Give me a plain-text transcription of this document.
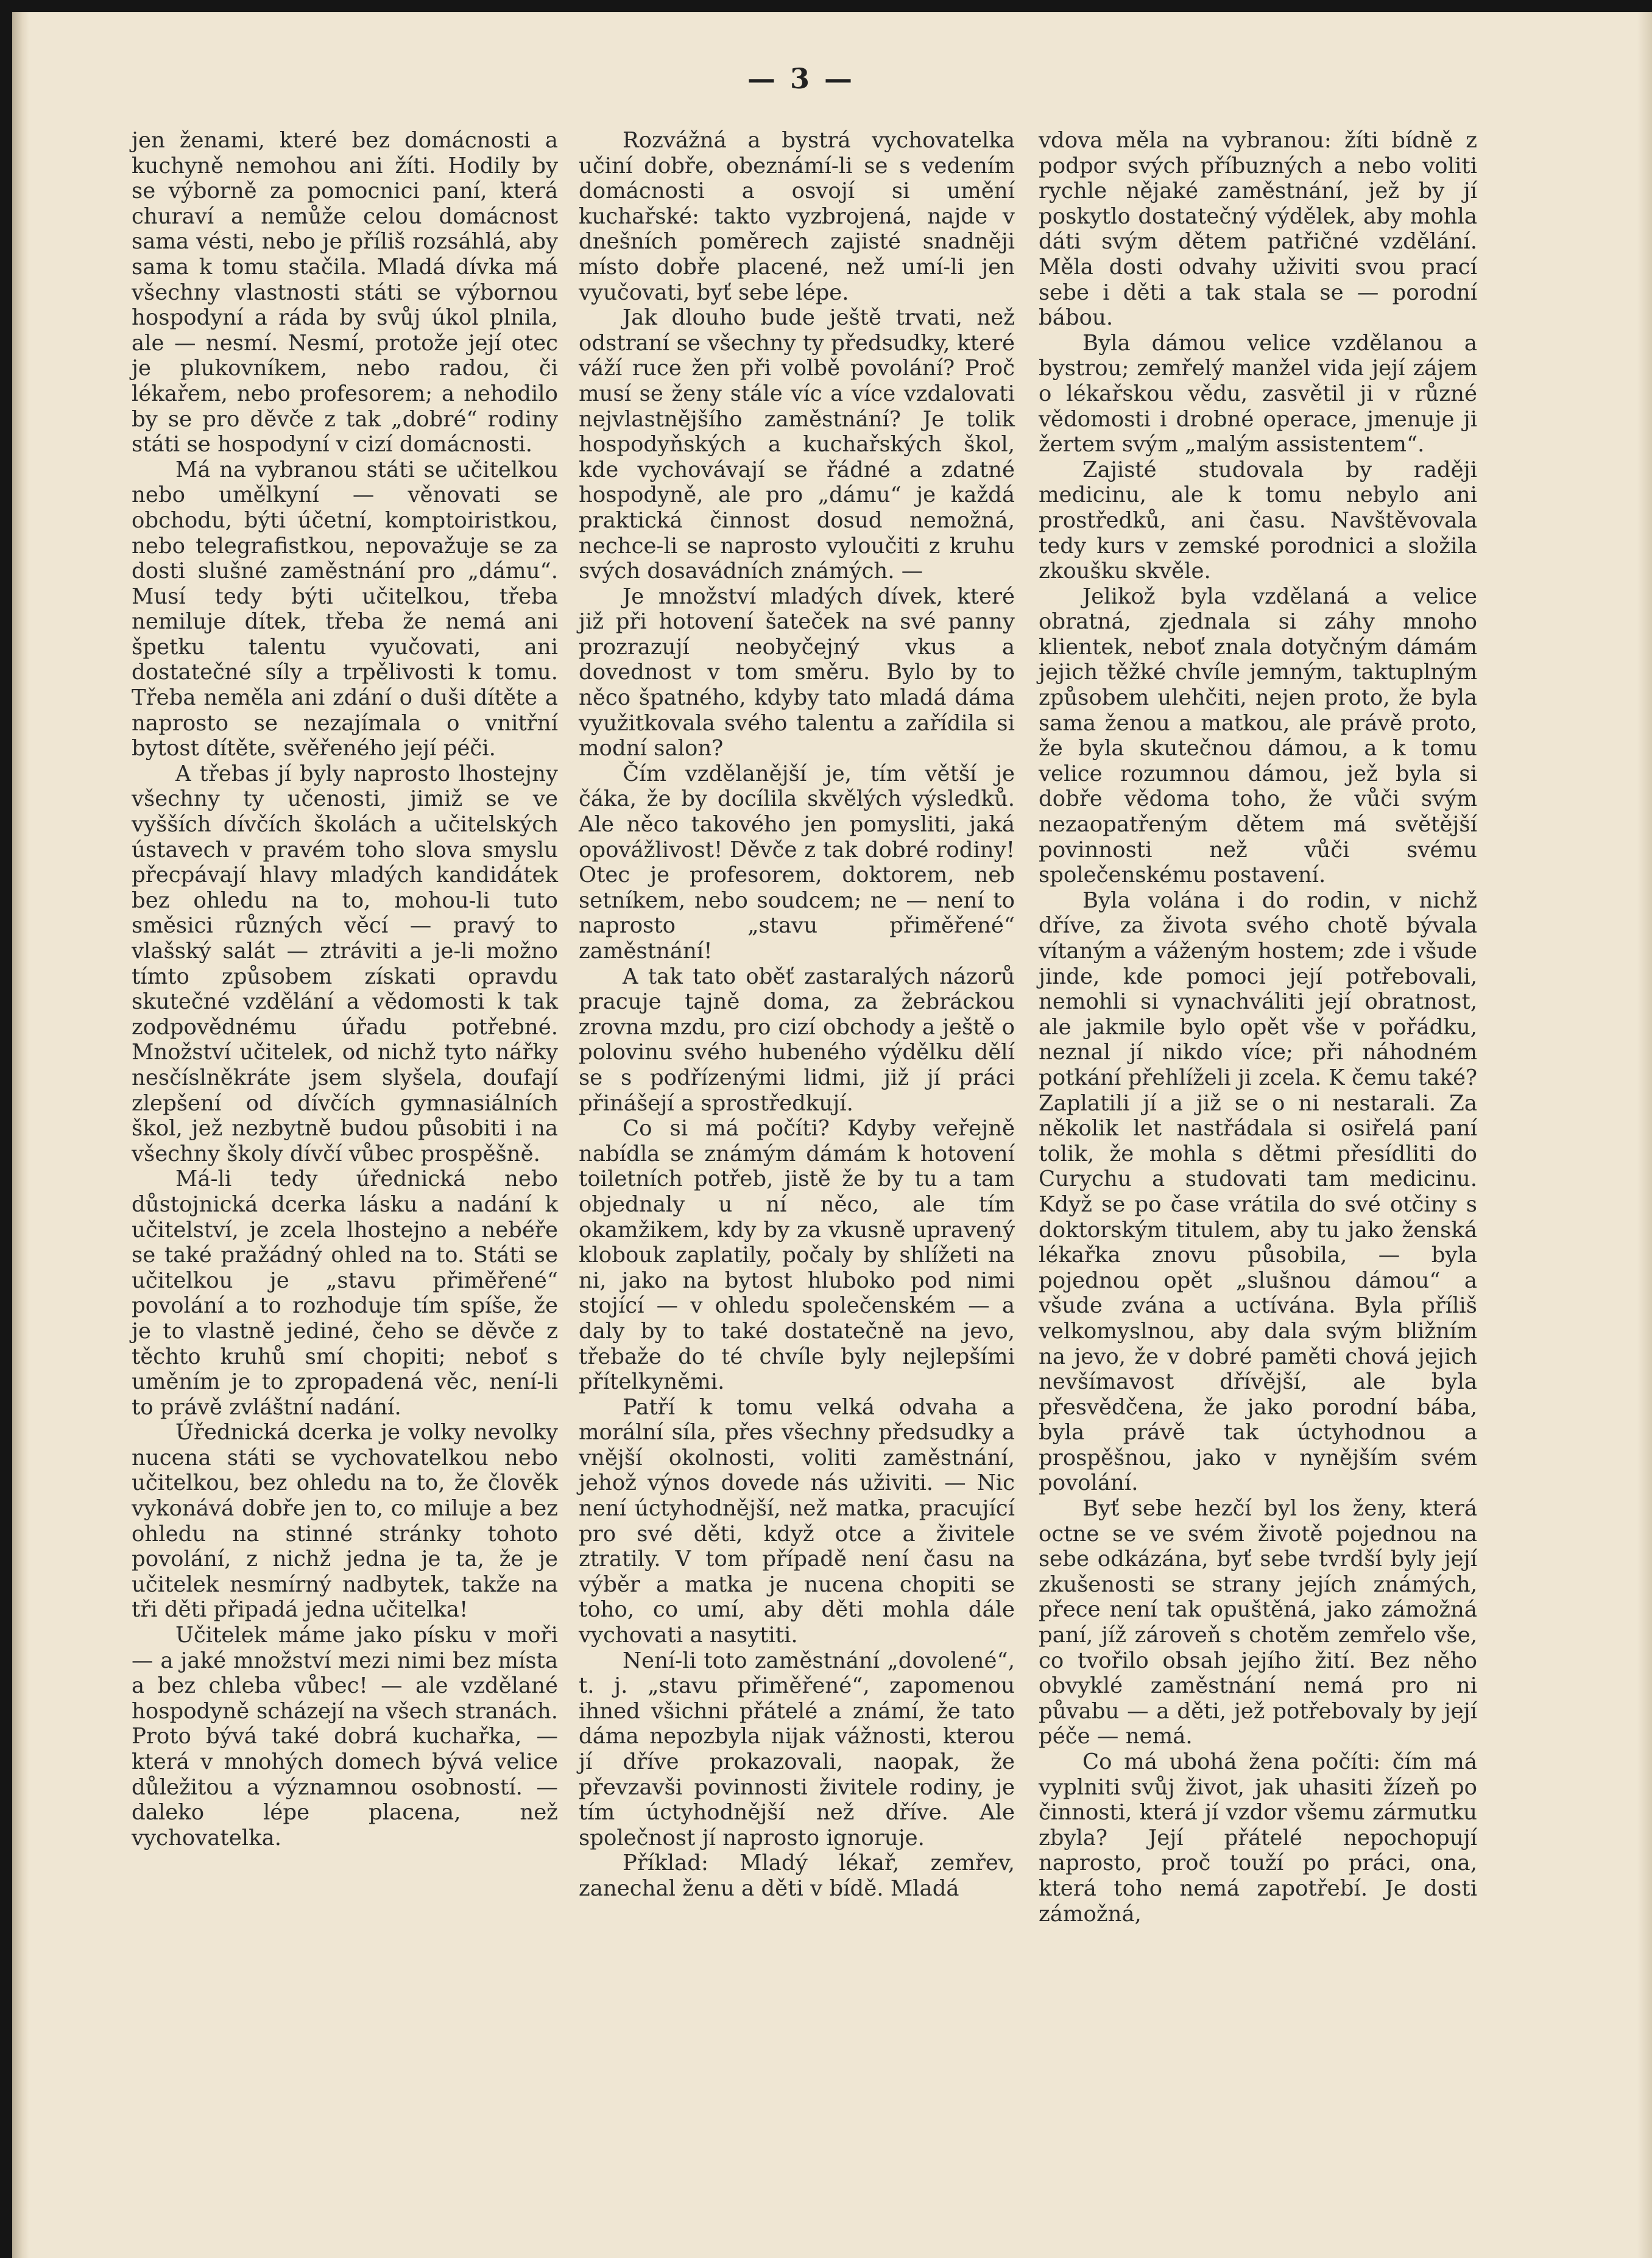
— 3 —

jen ženami, které bez domácnosti a kuchyně nemohou ani žíti. Hodily by se výborně za pomocnici paní, která churaví a nemůže celou domácnost sama vésti, nebo je příliš rozsáhlá, aby sama k tomu stačila. Mladá dívka má všechny vlastnosti státi se výbornou hospodyní a ráda by svůj úkol plnila, ale — nesmí. Nesmí, protože její otec je plukovníkem, nebo radou, či lékařem, nebo profesorem; a nehodilo by se pro děvče z tak „dobré“ rodiny státi se hospodyní v cizí domácnosti.

Má na vybranou státi se učitelkou nebo umělkyní — věnovati se obchodu, býti účetní, komptoiristkou, nebo telegrafistkou, nepovažuje se za dosti slušné zaměstnání pro „dámu“. Musí tedy býti učitelkou, třeba nemiluje dítek, třeba že nemá ani špetku talentu vyučovati, ani dostatečné síly a trpělivosti k tomu. Třeba neměla ani zdání o duši dítěte a naprosto se nezajímala o vnitřní bytost dítěte, svěřeného její péči.

A třebas jí byly naprosto lhostejny všechny ty učenosti, jimiž se ve vyšších dívčích školách a učitelských ústavech v pravém toho slova smyslu přecpávají hlavy mladých kandidátek bez ohledu na to, mohou-li tuto směsici různých věcí — pravý to vlašský salát — ztráviti a je-li možno tímto způsobem získati opravdu skutečné vzdělání a vědomosti k tak zodpovědnému úřadu potřebné. Množství učitelek, od nichž tyto nářky nesčíslněkráte jsem slyšela, doufají zlepšení od dívčích gymnasiálních škol, jež nezbytně budou působiti i na všechny školy dívčí vůbec prospěšně.

Má-li tedy úřednická nebo důstojnická dcerka lásku a nadání k učitelství, je zcela lhostejno a nebéře se také pražádný ohled na to. Státi se učitelkou je „stavu přiměřené“ povolání a to rozhoduje tím spíše, že je to vlastně jediné, čeho se děvče z těchto kruhů smí chopiti; neboť s uměním je to zpropadená věc, není-li to právě zvláštní nadání.

Úřednická dcerka je volky nevolky nucena státi se vychovatelkou nebo učitelkou, bez ohledu na to, že člověk vykonává dobře jen to, co miluje a bez ohledu na stinné stránky tohoto povolání, z nichž jedna je ta, že je učitelek nesmírný nadbytek, takže na tři děti připadá jedna učitelka!

Učitelek máme jako písku v moři — a jaké množství mezi nimi bez místa a bez chleba vůbec! — ale vzdělané hospodyně scházejí na všech stranách. Proto bývá také dobrá kuchařka, — která v mnohých domech bývá velice důležitou a významnou osobností. — daleko lépe placena, než vychovatelka.

Rozvážná a bystrá vychovatelka učiní dobře, obeznámí-li se s vedením domácnosti a osvojí si umění kuchařské: takto vyzbrojená, najde v dnešních poměrech zajisté snadněji místo dobře placené, než umí-li jen vyučovati, byť sebe lépe.

Jak dlouho bude ještě trvati, než odstraní se všechny ty předsudky, které váží ruce žen při volbě povolání? Proč musí se ženy stále víc a více vzdalovati nejvlastnějšího zaměstnání? Je tolik hospodyňských a kuchařských škol, kde vychovávají se řádné a zdatné hospodyně, ale pro „dámu“ je každá praktická činnost dosud nemožná, nechce-li se naprosto vyloučiti z kruhu svých dosavádních známých. —

Je množství mladých dívek, které již při hotovení šateček na své panny prozrazují neobyčejný vkus a dovednost v tom směru. Bylo by to něco špatného, kdyby tato mladá dáma využitkovala svého talentu a zařídila si modní salon?

Čím vzdělanější je, tím větší je čáka, že by docílila skvělých výsledků. Ale něco takového jen pomysliti, jaká opovážlivost! Děvče z tak dobré rodiny! Otec je profesorem, doktorem, neb setníkem, nebo soudcem; ne — není to naprosto „stavu přiměřené“ zaměstnání!

A tak tato oběť zastaralých názorů pracuje tajně doma, za žebráckou zrovna mzdu, pro cizí obchody a ještě o polovinu svého hubeného výdělku dělí se s podřízenými lidmi, již jí práci přinášejí a sprostředkují.

Co si má počíti? Kdyby veřejně nabídla se známým dámám k hotovení toiletních potřeb, jistě že by tu a tam objednaly u ní něco, ale tím okamžikem, kdy by za vkusně upravený klobouk zaplatily, počaly by shlížeti na ni, jako na bytost hluboko pod nimi stojící — v ohledu společenském — a daly by to také dostatečně na jevo, třebaže do té chvíle byly nejlepšími přítelkyněmi.

Patří k tomu velká odvaha a morální síla, přes všechny předsudky a vnější okolnosti, voliti zaměstnání, jehož výnos dovede nás uživiti. — Nic není úctyhodnější, než matka, pracující pro své děti, když otce a živitele ztratily. V tom případě není času na výběr a matka je nucena chopiti se toho, co umí, aby děti mohla dále vychovati a nasytiti.

Není-li toto zaměstnání „dovolené“, t. j. „stavu přiměřené“, zapomenou ihned všichni přátelé a známí, že tato dáma nepozbyla nijak vážnosti, kterou jí dříve prokazovali, naopak, že převzavši povinnosti živitele rodiny, je tím úctyhodnější než dříve. Ale společnost jí naprosto ignoruje.

Příklad: Mladý lékař, zemřev, zanechal ženu a děti v bídě. Mladá

vdova měla na vybranou: žíti bídně z podpor svých příbuzných a nebo voliti rychle nějaké zaměstnání, jež by jí poskytlo dostatečný výdělek, aby mohla dáti svým dětem patřičné vzdělání. Měla dosti odvahy uživiti svou prací sebe i děti a tak stala se — porodní bábou.

Byla dámou velice vzdělanou a bystrou; zemřelý manžel vida její zájem o lékařskou vědu, zasvětil ji v různé vědomosti i drobné operace, jmenuje ji žertem svým „malým assistentem“.

Zajisté studovala by raději medicinu, ale k tomu nebylo ani prostředků, ani času. Navštěvovala tedy kurs v zemské porodnici a složila zkoušku skvěle.

Jelikož byla vzdělaná a velice obratná, zjednala si záhy mnoho klientek, neboť znala dotyčným dámám jejich těžké chvíle jemným, taktuplným způsobem ulehčiti, nejen proto, že byla sama ženou a matkou, ale právě proto, že byla skutečnou dámou, a k tomu velice rozumnou dámou, jež byla si dobře vědoma toho, že vůči svým nezaopatřeným dětem má světější povinnosti než vůči svému společenskému postavení.

Byla volána i do rodin, v nichž dříve, za života svého chotě bývala vítaným a váženým hostem; zde i všude jinde, kde pomoci její potřebovali, nemohli si vynachváliti její obratnost, ale jakmile bylo opět vše v pořádku, neznal jí nikdo více; při náhodném potkání přehlíželi ji zcela. K čemu také? Zaplatili jí a již se o ni nestarali. Za několik let nastřádala si osiřelá paní tolik, že mohla s dětmi přesídliti do Curychu a studovati tam medicinu. Když se po čase vrátila do své otčiny s doktorským titulem, aby tu jako ženská lékařka znovu působila, — byla pojednou opět „slušnou dámou“ a všude zvána a uctívána. Byla příliš velkomyslnou, aby dala svým bližním na jevo, že v dobré paměti chová jejich nevšímavost dřívější, ale byla přesvědčena, že jako porodní bába, byla právě tak úctyhodnou a prospěšnou, jako v nynějším svém povolání.

Byť sebe hezčí byl los ženy, která octne se ve svém životě pojednou na sebe odkázána, byť sebe tvrdší byly její zkušenosti se strany jejích známých, přece není tak opuštěná, jako zámožná paní, jíž zároveň s chotěm zemřelo vše, co tvořilo obsah jejího žití. Bez něho obvyklé zaměstnání nemá pro ni půvabu — a děti, jež potřebovaly by její péče — nemá.

Co má ubohá žena počíti: čím má vyplniti svůj život, jak uhasiti žízeň po činnosti, která jí vzdor všemu zármutku zbyla? Její přátelé nepochopují naprosto, proč touží po práci, ona, která toho nemá zapotřebí. Je dosti zámožná,
